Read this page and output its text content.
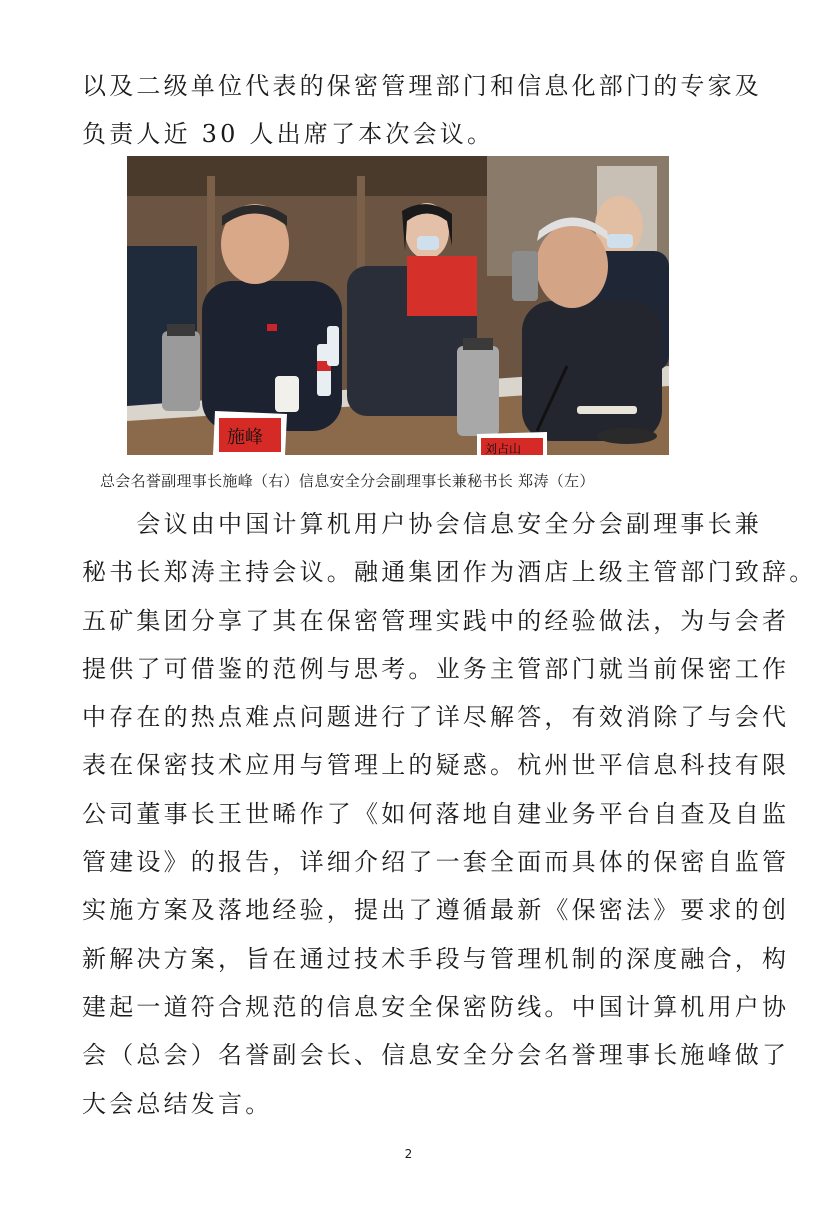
以及二级单位代表的保密管理部门和信息化部门的专家及
负责人近 30 人出席了本次会议。

施峰
刘占山
总会名誉副理事长施峰（右）信息安全分会副理事长兼秘书长 郑涛（左）

　　会议由中国计算机用户协会信息安全分会副理事长兼
秘书长郑涛主持会议。融通集团作为酒店上级主管部门致辞。
五矿集团分享了其在保密管理实践中的经验做法，为与会者
提供了可借鉴的范例与思考。业务主管部门就当前保密工作
中存在的热点难点问题进行了详尽解答，有效消除了与会代
表在保密技术应用与管理上的疑惑。杭州世平信息科技有限
公司董事长王世晞作了《如何落地自建业务平台自查及自监
管建设》的报告，详细介绍了一套全面而具体的保密自监管
实施方案及落地经验，提出了遵循最新《保密法》要求的创
新解决方案，旨在通过技术手段与管理机制的深度融合，构
建起一道符合规范的信息安全保密防线。中国计算机用户协
会（总会）名誉副会长、信息安全分会名誉理事长施峰做了
大会总结发言。

2
